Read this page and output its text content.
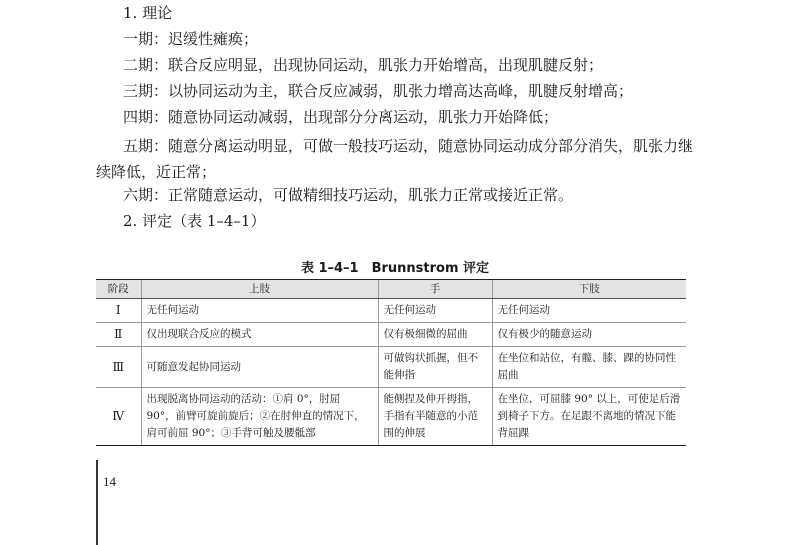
1. 理论
一期：迟缓性瘫痪；
二期：联合反应明显，出现协同运动，肌张力开始增高，出现肌腱反射；
三期：以协同运动为主，联合反应减弱，肌张力增高达高峰，肌腱反射增高；
四期：随意协同运动减弱，出现部分分离运动，肌张力开始降低；
五期：随意分离运动明显，可做一般技巧运动，随意协同运动成分部分消失，肌张力继续降低，近正常；
六期：正常随意运动，可做精细技巧运动，肌张力正常或接近正常。
2. 评定（表 1–4–1）
表 1–4–1　Brunnstrom 评定
阶段	上肢	手	下肢
Ⅰ	无任何运动	无任何运动	无任何运动
Ⅱ	仅出现联合反应的模式	仅有极细微的屈曲	仅有极少的随意运动
Ⅲ	可随意发起协同运动	可做钩状抓握，但不能伸指	在坐位和站位，有髋、膝、踝的协同性屈曲
Ⅳ	出现脱离协同运动的活动：①肩 0°，肘屈 90°，前臂可旋前旋后；②在肘伸直的情况下，肩可前屈 90°；③手背可触及腰骶部	能侧捏及伸开拇指，手指有半随意的小范围的伸展	在坐位，可屈膝 90° 以上，可使足后滑到椅子下方。在足跟不离地的情况下能背屈踝
14
